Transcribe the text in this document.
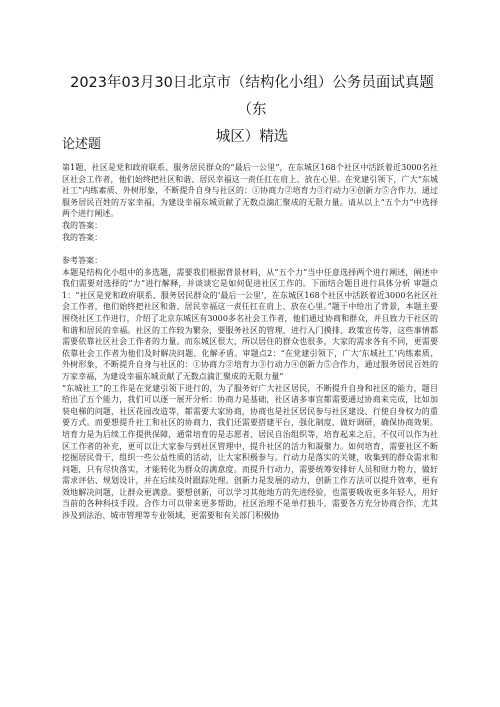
2023年03月30日北京市（结构化小组）公务员面试真题（东
城区）精选
论述题

第1题、社区是党和政府联系、服务居民群众的“最后一公里”，在东城区168个社区中活跃着近3000名社区社会工作者，他们始终把社区和谐、居民幸福这一责任扛在肩上、放在心里。在党建引领下，广大“东城社工”内练素质、外树形象，不断提升自身与社区的：①协商力②培育力③行动力④创新力⑤合作力，通过服务居民百姓的万家幸福，为建设幸福东城贡献了无数点滴汇聚成的无限力量。请从以上“五个力”中选择两个进行阐述。

我的答案：

我的答案：

参考答案：

本题是结构化小组中的多选题，需要我们根据背景材料，从“五个力”当中任意选择两个进行阐述，阐述中我们需要对选择的“力”进行解释，并谈谈它是如何促进社区工作的。下面结合题目进行具体分析 审题点1：“社区是党和政府联系、服务居民群众的‘最后一公里’，在东城区168个社区中活跃着近3000名社区社会工作者，他们始终把社区和谐、居民幸福这一责任扛在肩上、放在心里。”题干中给出了背景，本题主要围绕社区工作进行，介绍了北京东城区有3000多名社会工作者，他们通过协商和群众，并且致力于社区的和谐和居民的幸福。社区的工作较为繁杂，要服务社区的管理，进行入门摸排、政策宣传等，这些事情都需要依靠社区社会工作者的力量。而东城区很大，所以居住的群众也很多，大家的需求各有不同，更需要依靠社会工作者为他们及时解决问题、化解矛盾。审题点2：“在党建引领下，广大‘东城社工’内练素质、外树形象，不断提升自身与社区的：①协商力②培育力③行动力④创新力⑤合作力，通过服务居民百姓的万家幸福，为建设幸福东城贡献了无数点滴汇聚成的无限力量”

“东城社工”的工作是在党建引领下进行的，为了服务好广大社区居民，不断提升自身和社区的能力，题目给出了五个能力，我们可以逐一展开分析：协商力是基础，社区诸多事宜都需要通过协商来完成，比如加装电梯的问题，社区花园改造等，都需要大家协商，协商也是社区居民参与社区建设、行使自身权力的重要方式。而要想提升社工和社区的协商力，我们还需要搭建平台，强化制度，做好调研，确保协商效果。培育力是为后续工作提供保障，通常培育的是志愿者、居民自治组织等，培育起来之后，不仅可以作为社区工作者的补充，更可以让大家参与到社区管理中，提升社区的活力和凝聚力。如何培育，需要社区不断挖掘居民骨干，组织一些公益性质的活动，让大家积极参与。行动力是落实的关键，收集到的群众需求和问题，只有尽快落实，才能转化为群众的满意度。而提升行动力，需要统筹安排好人员和财力物力，做好需求评估、规划设计，并在后续及时跟踪处理。创新力是发展的动力，创新工作方法可以提升效率，更有效地解决问题，让群众更满意。要想创新，可以学习其他地方的先进经验，也需要吸收更多年轻人，用好当前的各种科技手段。合作力可以带来更多帮助，社区治理不是单打独斗，需要各方充分协商合作，尤其涉及到法治、城市管理等专业领域，更需要和有关部门积极协
